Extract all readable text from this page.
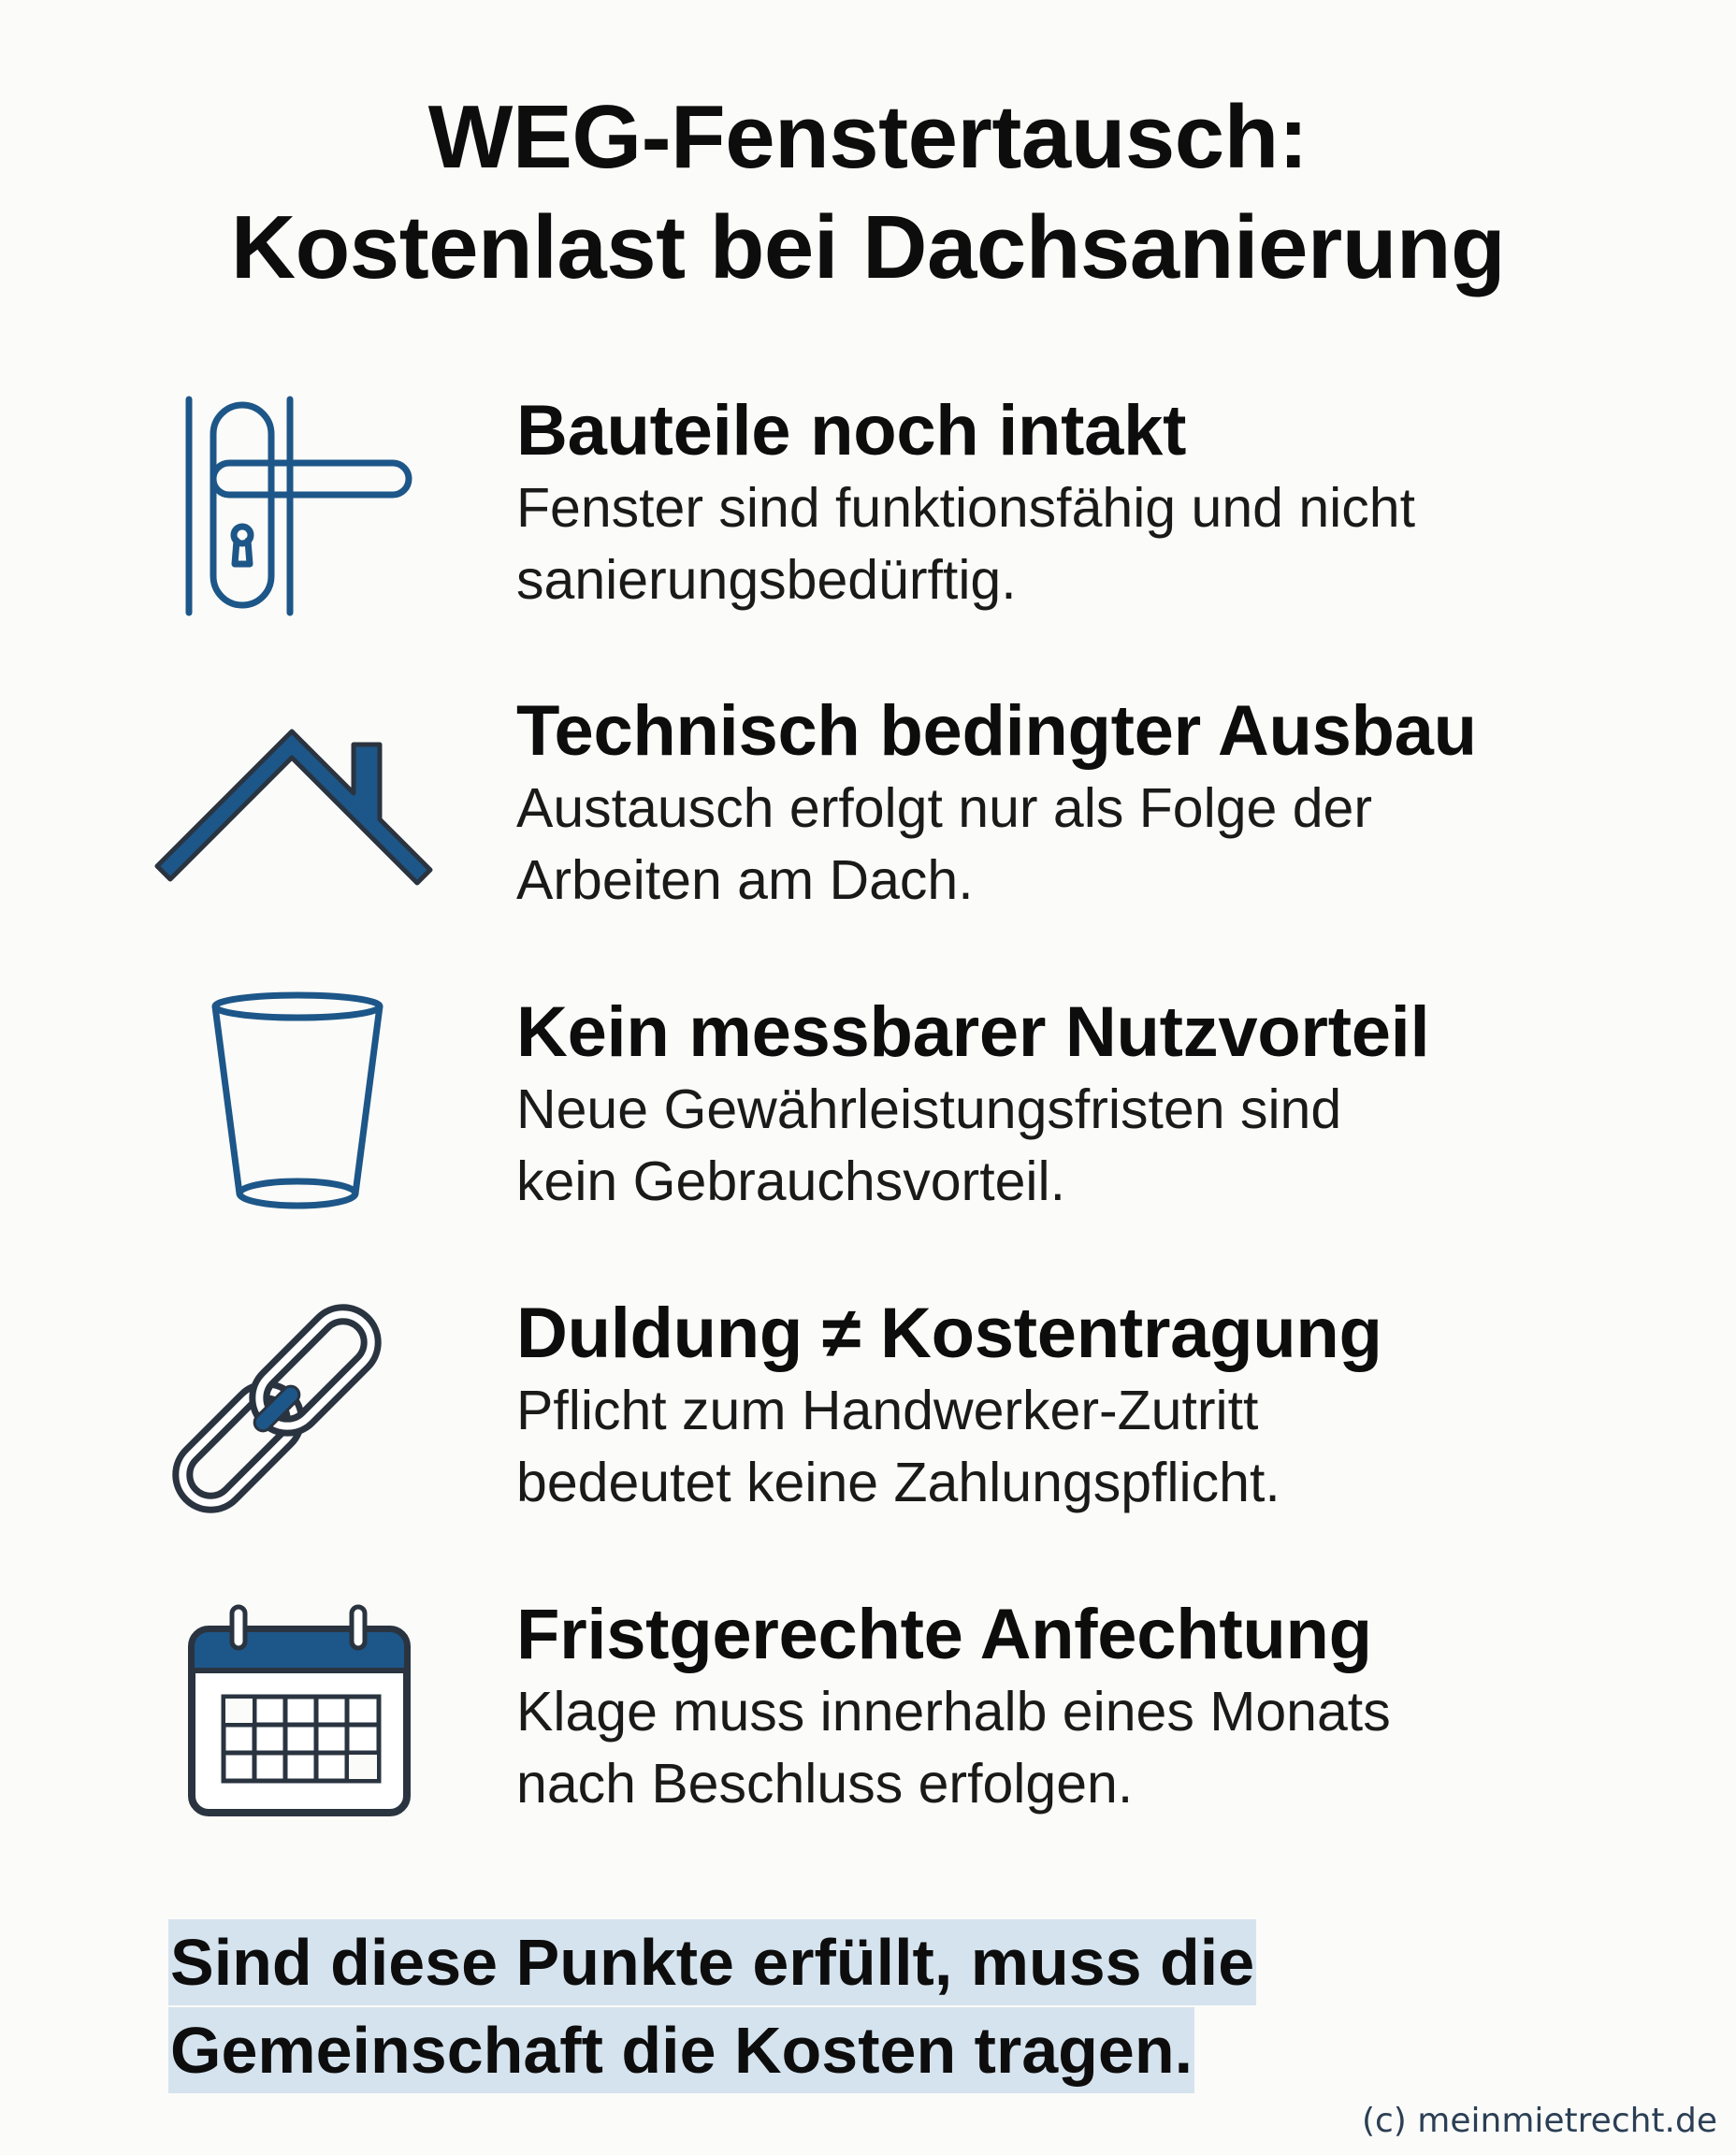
WEG-Fenstertausch:
Kostenlast bei Dachsanierung
Bauteile noch intakt
Fenster sind funktionsfähig und nicht
sanierungsbedürftig.
Technisch bedingter Ausbau
Austausch erfolgt nur als Folge der
Arbeiten am Dach.
Kein messbarer Nutzvorteil
Neue Gewährleistungsfristen sind
kein Gebrauchsvorteil.
Duldung ≠ Kostentragung
Pflicht zum Handwerker-Zutritt
bedeutet keine Zahlungspflicht.
Fristgerechte Anfechtung
Klage muss innerhalb eines Monats
nach Beschluss erfolgen.
Sind diese Punkte erfüllt, muss die
Gemeinschaft die Kosten tragen.
(c) meinmietrecht.de
